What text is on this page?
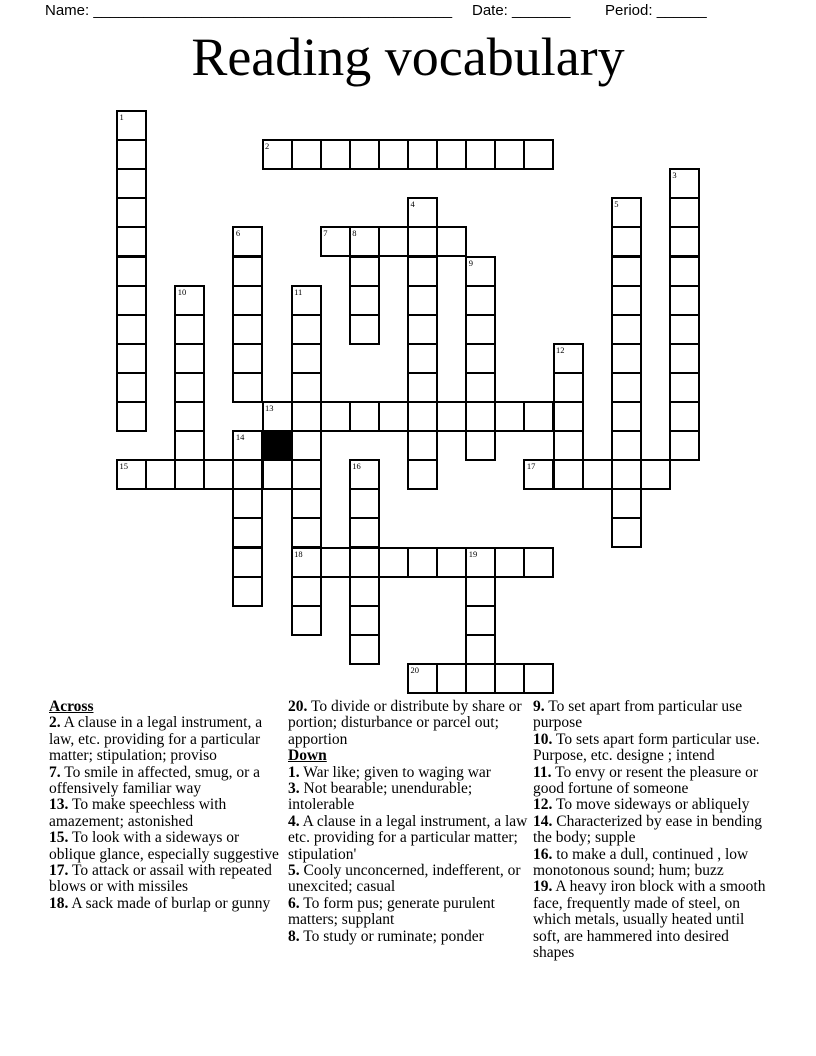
Name: ___________________________________________ Date: _______ Period: ______
Reading vocabulary
1
2
3
4	5
6	7	8
9
10	11
12
13
14
15	16	17
18	19
20
Across
2. A clause in a legal instrument, a law, etc. providing for a particular matter; stipulation; proviso
7. To smile in affected, smug, or a offensively familiar way
13. To make speechless with amazement; astonished
15. To look with a sideways or oblique glance, especially suggestive
17. To attack or assail with repeated blows or with missiles
18. A sack made of burlap or gunny
20. To divide or distribute by share or portion; disturbance or parcel out; apportion
Down
1. War like; given to waging war
3. Not bearable; unendurable; intolerable
4. A clause in a legal instrument, a law etc. providing for a particular matter; stipulation'
5. Cooly unconcerned, indefferent, or unexcited; casual
6. To form pus; generate purulent matters; supplant
8. To study or ruminate; ponder
9. To set apart from particular use purpose
10. To sets apart form particular use. Purpose, etc. designe ; intend
11. To envy or resent the pleasure or good fortune of someone
12. To move sideways or abliquely
14. Characterized by ease in bending the body; supple
16. to make a dull, continued , low monotonous sound; hum; buzz
19. A heavy iron block with a smooth face, frequently made of steel, on which metals, usually heated until soft, are hammered into desired shapes
